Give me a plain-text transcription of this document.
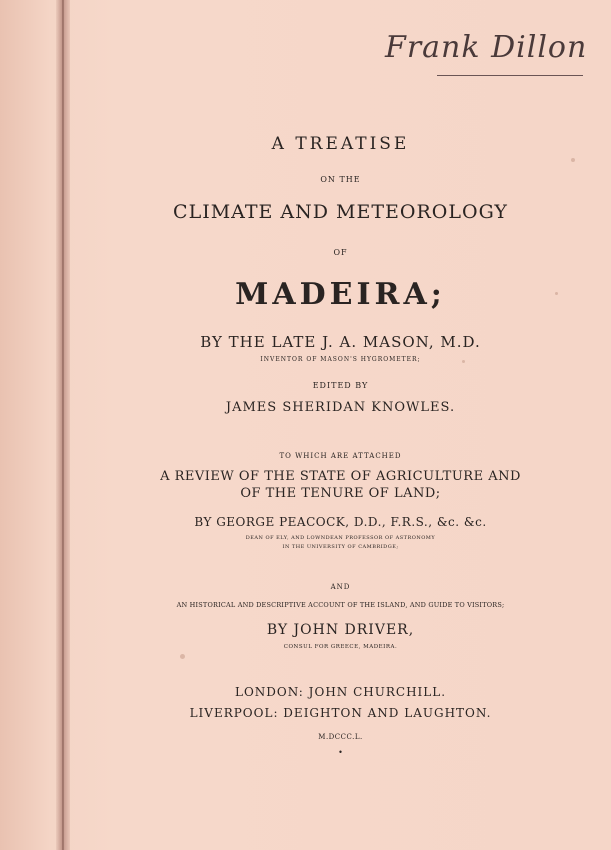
Frank Dillon
A TREATISE
ON THE
CLIMATE AND METEOROLOGY
OF
MADEIRA;
BY THE LATE J. A. MASON, M.D.
INVENTOR OF MASON'S HYGROMETER;
EDITED BY
JAMES SHERIDAN KNOWLES.
TO WHICH ARE ATTACHED
A REVIEW OF THE STATE OF AGRICULTURE AND
OF THE TENURE OF LAND;
BY GEORGE PEACOCK, D.D., F.R.S., &c. &c.
DEAN OF ELY, AND LOWNDEAN PROFESSOR OF ASTRONOMY
IN THE UNIVERSITY OF CAMBRIDGE;
AND
AN HISTORICAL AND DESCRIPTIVE ACCOUNT OF THE ISLAND, AND GUIDE TO VISITORS;
BY JOHN DRIVER,
CONSUL FOR GREECE, MADEIRA.
LONDON: JOHN CHURCHILL.
LIVERPOOL: DEIGHTON AND LAUGHTON.
M.DCCC.L.
•
